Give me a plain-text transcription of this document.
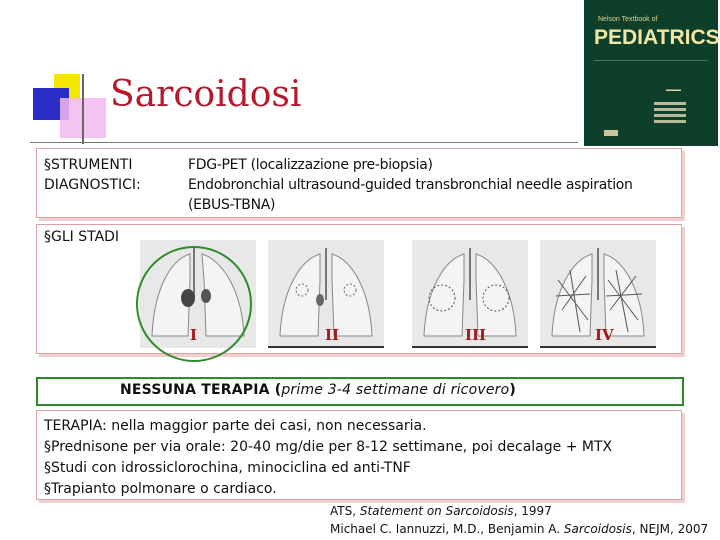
Sarcoidosi
Nelson Textbook of
PEDIATRICS
▬▬▬
§STRUMENTI
DIAGNOSTICI:
FDG-PET (localizzazione pre-biopsia)
Endobronchial ultrasound-guided transbronchial needle aspiration
(EBUS-TBNA)
§GLI STADI
I	II	III	IV
NESSUNA TERAPIA (prime 3-4 settimane di ricovero)
TERAPIA: nella maggior parte dei casi, non necessaria.
§Prednisone per via orale: 20-40 mg/die per 8-12 settimane, poi decalage + MTX
§Studi con idrossiclorochina, minociclina ed anti-TNF
§Trapianto polmonare o cardiaco.
ATS, Statement on Sarcoidosis, 1997
Michael C. Iannuzzi, M.D., Benjamin A. Sarcoidosis, NEJM, 2007
